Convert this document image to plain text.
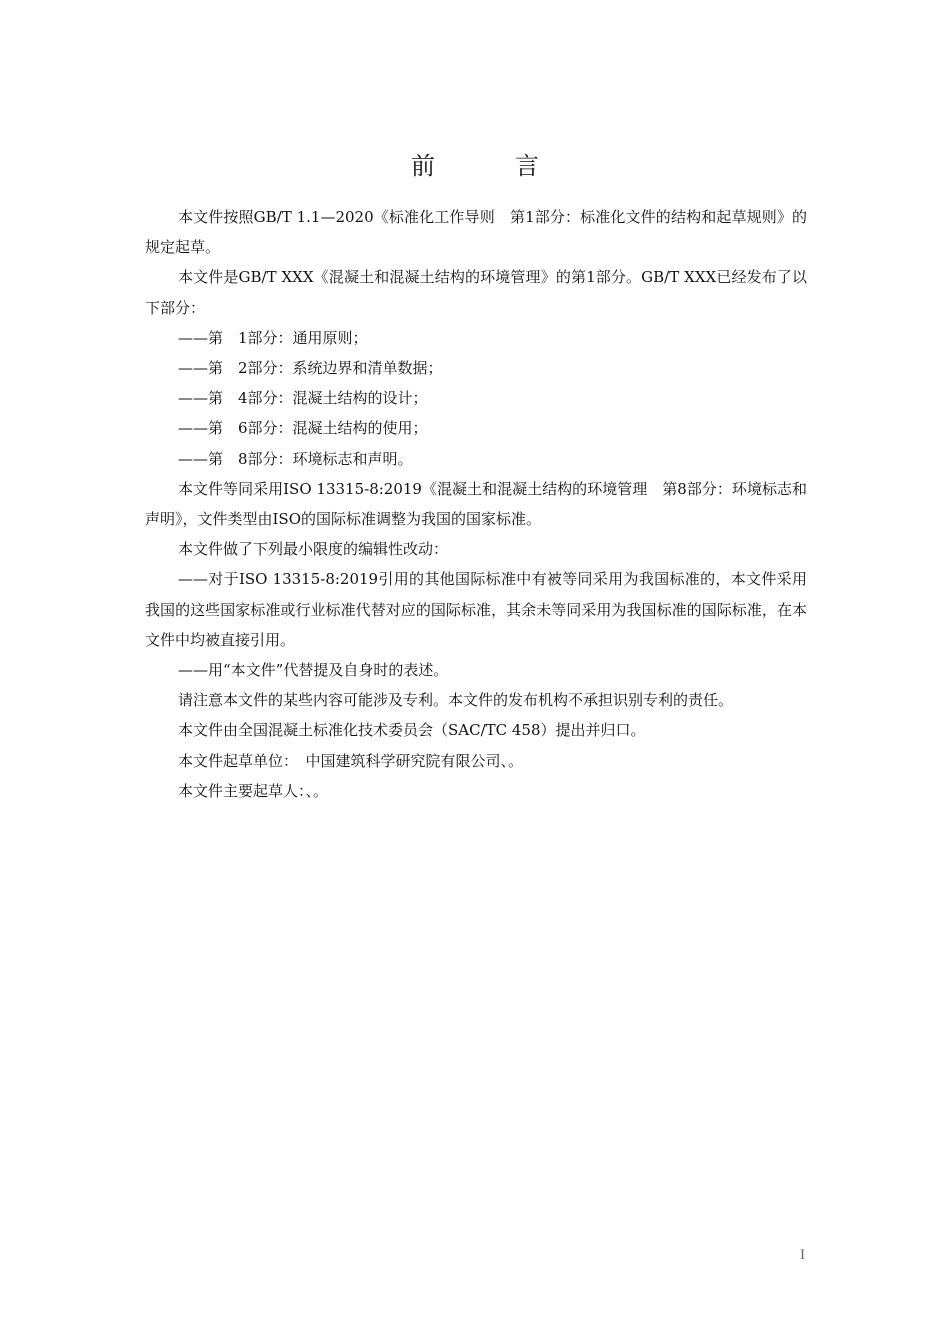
前　言

本文件按照GB/T 1.1—2020《标准化工作导则　第1部分：标准化文件的结构和起草规则》的规定起草。

本文件是GB/T XXX《混凝土和混凝土结构的环境管理》的第1部分。GB/T XXX已经发布了以下部分：

——第　1部分：通用原则；

——第　2部分：系统边界和清单数据；

——第　4部分：混凝土结构的设计；

——第　6部分：混凝土结构的使用；

——第　8部分：环境标志和声明。

本文件等同采用ISO 13315-8:2019《混凝土和混凝土结构的环境管理　第8部分：环境标志和声明》，文件类型由ISO的国际标准调整为我国的国家标准。

本文件做了下列最小限度的编辑性改动：

——对于ISO 13315-8:2019引用的其他国际标准中有被等同采用为我国标准的，本文件采用我国的这些国家标准或行业标准代替对应的国际标准，其余未等同采用为我国标准的国际标准，在本文件中均被直接引用。

——用“本文件”代替提及自身时的表述。

请注意本文件的某些内容可能涉及专利。本文件的发布机构不承担识别专利的责任。

本文件由全国混凝土标准化技术委员会（SAC/TC 458）提出并归口。

本文件起草单位：　中国建筑科学研究院有限公司、。

本文件主要起草人：、。

I
